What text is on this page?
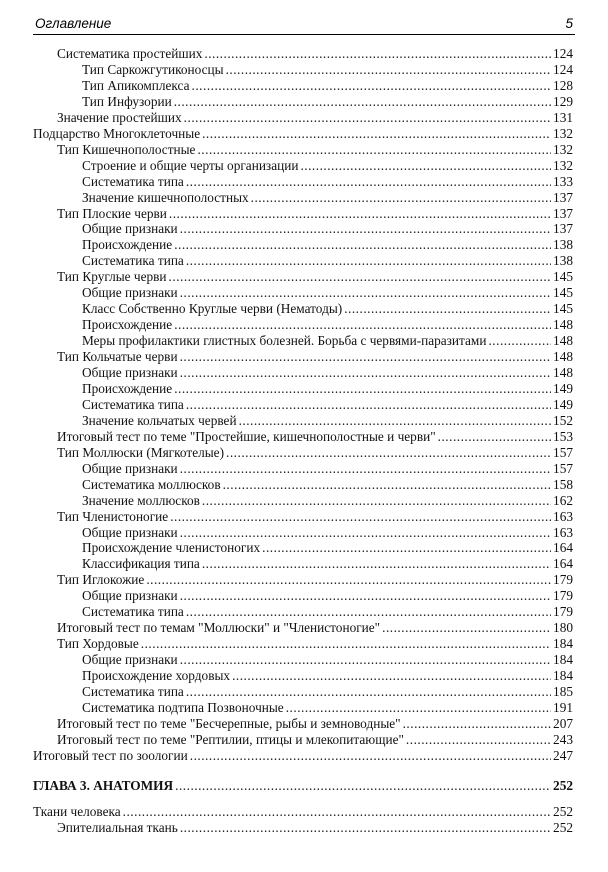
Оглавление	5
Систематика простейших .....	124
Тип Саркожгутиконосцы .....	124
Тип Апикомплекса .....	128
Тип Инфузории .....	129
Значение простейших .....	131
Подцарство Многоклеточные .....	132
Тип Кишечнополостные .....	132
Строение и общие черты организации .....	132
Систематика типа .....	133
Значение кишечнополостных .....	137
Тип Плоские черви .....	137
Общие признаки .....	137
Происхождение .....	138
Систематика типа .....	138
Тип Круглые черви .....	145
Общие признаки .....	145
Класс Собственно Круглые черви (Нематоды) .....	145
Происхождение .....	148
Меры профилактики глистных болезней. Борьба с червями-паразитами .....	148
Тип Кольчатые черви .....	148
Общие признаки .....	148
Происхождение .....	149
Систематика типа .....	149
Значение кольчатых червей .....	152
Итоговый тест по теме "Простейшие, кишечнополостные и черви" .....	153
Тип Моллюски (Мягкотелые) .....	157
Общие признаки .....	157
Систематика моллюсков .....	158
Значение моллюсков .....	162
Тип Членистоногие .....	163
Общие признаки .....	163
Происхождение членистоногих .....	164
Классификация типа .....	164
Тип Иглокожие .....	179
Общие признаки .....	179
Систематика типа .....	179
Итоговый тест по темам "Моллюски" и "Членистоногие" .....	180
Тип Хордовые .....	184
Общие признаки .....	184
Происхождение хордовых .....	184
Систематика типа .....	185
Систематика подтипа Позвоночные .....	191
Итоговый тест по теме "Бесчерепные, рыбы и земноводные" .....	207
Итоговый тест по теме "Рептилии, птицы и млекопитающие" .....	243
Итоговый тест по зоологии .....	247
ГЛАВА 3. АНАТОМИЯ .....	252
Ткани человека .....	252
Эпителиальная ткань .....	252
